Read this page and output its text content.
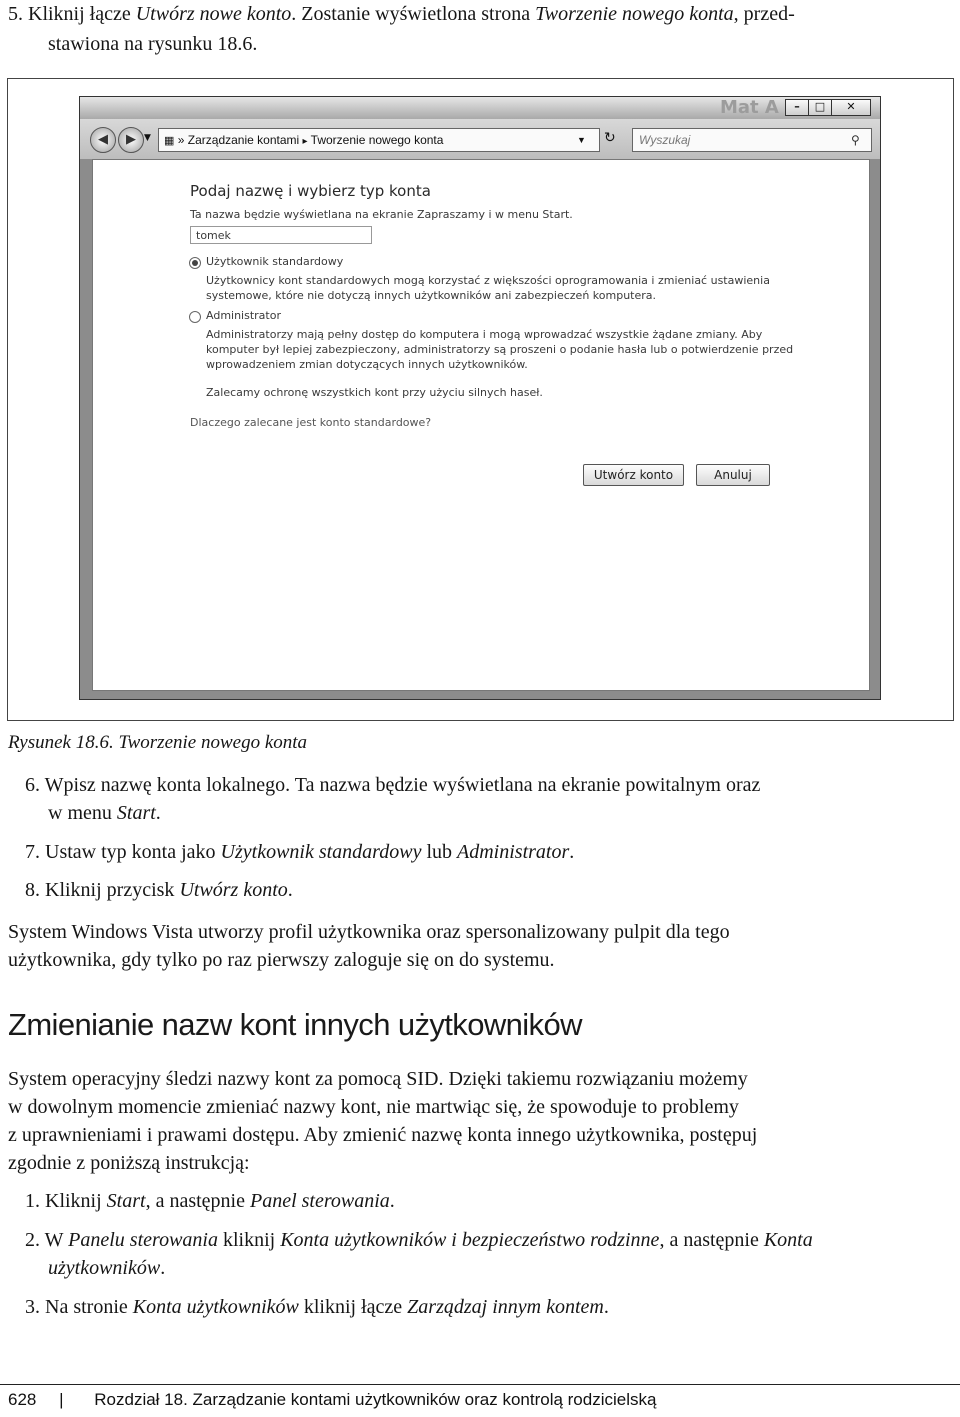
5. Kliknij łącze Utwórz nowe konto. Zostanie wyświetlona strona Tworzenie nowego konta, przed-
stawiona na rysunku 18.6.
Mat A	–	□	✕
◀	▶ ▼	▦ » Zarządzanie kontami ▸ Tworzenie nowego konta	▼ ↻	Wyszukaj	⚲
Podaj nazwę i wybierz typ konta
Ta nazwa będzie wyświetlana na ekranie Zapraszamy i w menu Start.
tomek
Użytkownik standardowy
Użytkownicy kont standardowych mogą korzystać z większości oprogramowania i zmieniać ustawienia
systemowe, które nie dotyczą innych użytkowników ani zabezpieczeń komputera.
Administrator
Administratorzy mają pełny dostęp do komputera i mogą wprowadzać wszystkie żądane zmiany. Aby
komputer był lepiej zabezpieczony, administratorzy są proszeni o podanie hasła lub o potwierdzenie przed
wprowadzeniem zmian dotyczących innych użytkowników.
Zalecamy ochronę wszystkich kont przy użyciu silnych haseł.
Dlaczego zalecane jest konto standardowe?
Utwórz konto	Anuluj
Rysunek 18.6. Tworzenie nowego konta
6. Wpisz nazwę konta lokalnego. Ta nazwa będzie wyświetlana na ekranie powitalnym oraz
w menu Start.
7. Ustaw typ konta jako Użytkownik standardowy lub Administrator.
8. Kliknij przycisk Utwórz konto.
System Windows Vista utworzy profil użytkownika oraz spersonalizowany pulpit dla tego
użytkownika, gdy tylko po raz pierwszy zaloguje się on do systemu.
Zmienianie nazw kont innych użytkowników
System operacyjny śledzi nazwy kont za pomocą SID. Dzięki takiemu rozwiązaniu możemy
w dowolnym momencie zmieniać nazwy kont, nie martwiąc się, że spowoduje to problemy
z uprawnieniami i prawami dostępu. Aby zmienić nazwę konta innego użytkownika, postępuj
zgodnie z poniższą instrukcją:
1. Kliknij Start, a następnie Panel sterowania.
2. W Panelu sterowania kliknij Konta użytkowników i bezpieczeństwo rodzinne, a następnie Konta
użytkowników.
3. Na stronie Konta użytkowników kliknij łącze Zarządzaj innym kontem.
628 | Rozdział 18. Zarządzanie kontami użytkowników oraz kontrolą rodzicielską
